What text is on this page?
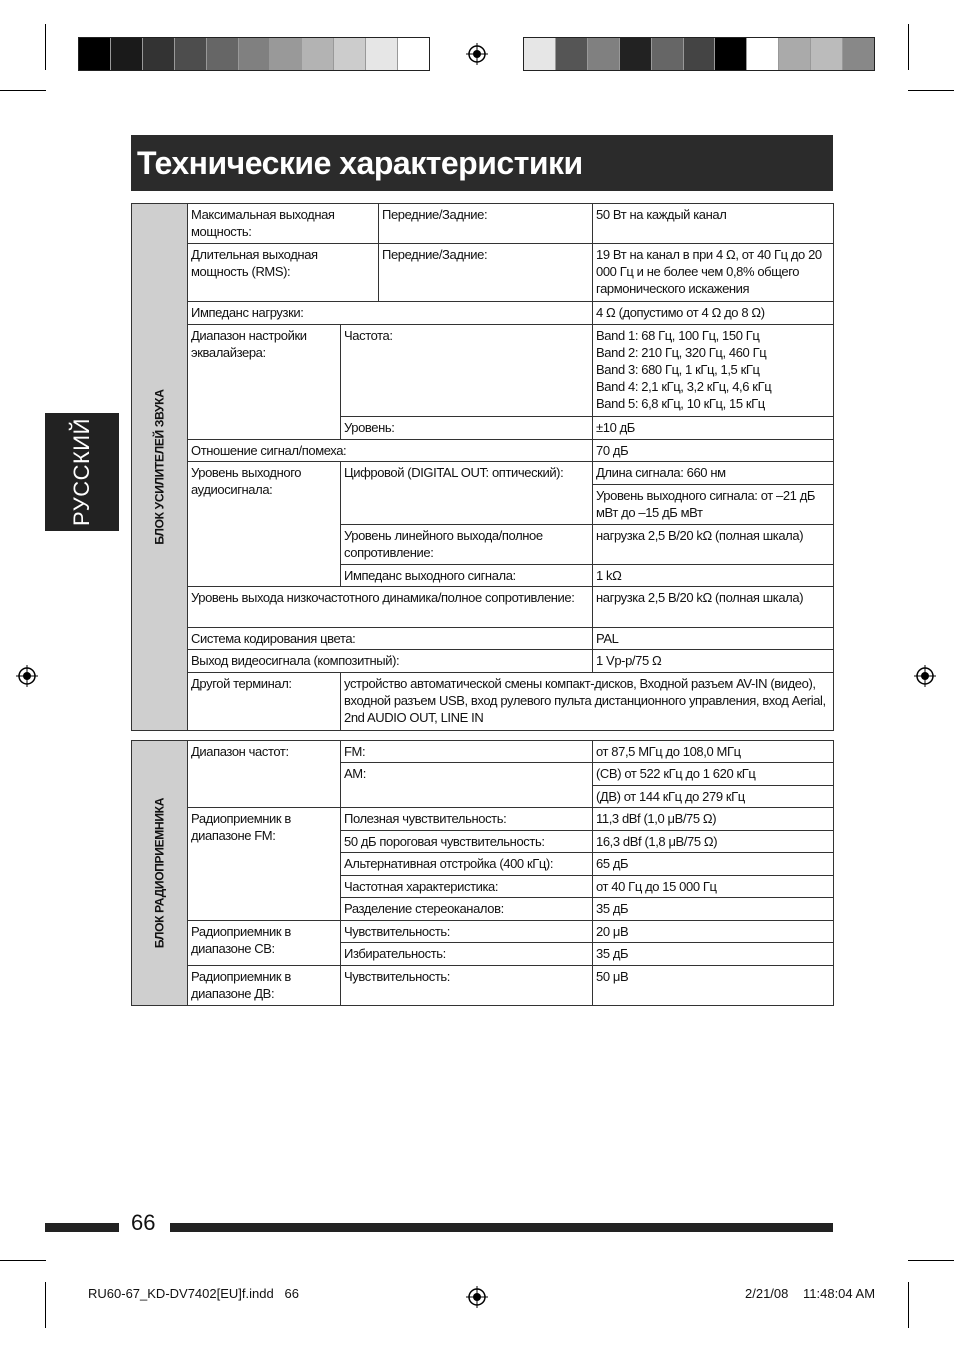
Технические характеристики
РУССКИЙ	БЛОК УСИЛИТЕЛЕЙ ЗВУКА	Максимальная выходная мощность:		Передние/Задние:	50 Вт на каждый канал
	Длительная выходная мощность (RMS):		Передние/Задние:	19 Вт на канал в при 4 Ω, от 40 Гц до 20 000 Гц и не более чем 0,8% общего гармонического искажения
	Импеданс нагрузки:			4 Ω (допустимо от 4 Ω до 8 Ω)
	Диапазон настройки эквалайзера:	Частота:		Band 1: 68 Гц, 100 Гц, 150 Гц
Band 2: 210 Гц, 320 Гц, 460 Гц
Band 3: 680 Гц, 1 кГц, 1,5 кГц
Band 4: 2,1 кГц, 3,2 кГц, 4,6 кГц
Band 5: 6,8 кГц, 10 кГц, 15 кГц

		Уровень:		±10 дБ
	Отношение сигнал/помеха:			70 дБ
	Уровень выходного аудиосигнала:	Цифровой (DIGITAL OUT: оптический):		Длина сигнала: 660 нм
				Уровень выходного сигнала: от –21 дБ мВт до –15 дБ мВт
		Уровень линейного выхода/полное сопротивление:		нагрузка 2,5 В/20 kΩ (полная шкала)
		Импеданс выходного сигнала:		1 kΩ
	Уровень выхода низкочастотного динамика/полное сопротивление:			нагрузка 2,5 В/20 kΩ (полная шкала)
	Система кодирования цвета:			PAL
	Выход видеосигнала (композитный):			1 Vp-p/75 Ω
	Другой терминал:	устройство автоматической смены компакт-дисков, Входной разъем AV-IN (видео), входной разъем USB, вход рулевого пульта дистанционного управления, вход Aerial, 2nd AUDIO OUT, LINE IN		
БЛОК РАДИОПРИЕМНИКА	Диапазон частот:	FM:	от 87,5 МГц до 108,0 МГц
		AM:	(СВ) от 522 кГц до 1 620 кГц
			(ДВ) от 144 кГц до 279 кГц
	Радиоприемник в диапазоне FM:	Полезная чувствительность:	11,3 dBf (1,0 μВ/75 Ω)
		50 дБ пороговая чувствительность:	16,3 dBf (1,8 μВ/75 Ω)
		Альтернативная отстройка (400 кГц):	65 дБ
		Частотная характеристика:	от 40 Гц до 15 000 Гц
		Разделение стереоканалов:	35 дБ
	Радиоприемник в диапазоне СВ:	Чувствительность:	20 μВ
		Избирательность:	35 дБ
	Радиоприемник в диапазоне ДВ:	Чувствительность:	50 μВ
66
RU60-67_KD-DV7402[EU]f.indd   66	2/21/08 11:48:04 AM
